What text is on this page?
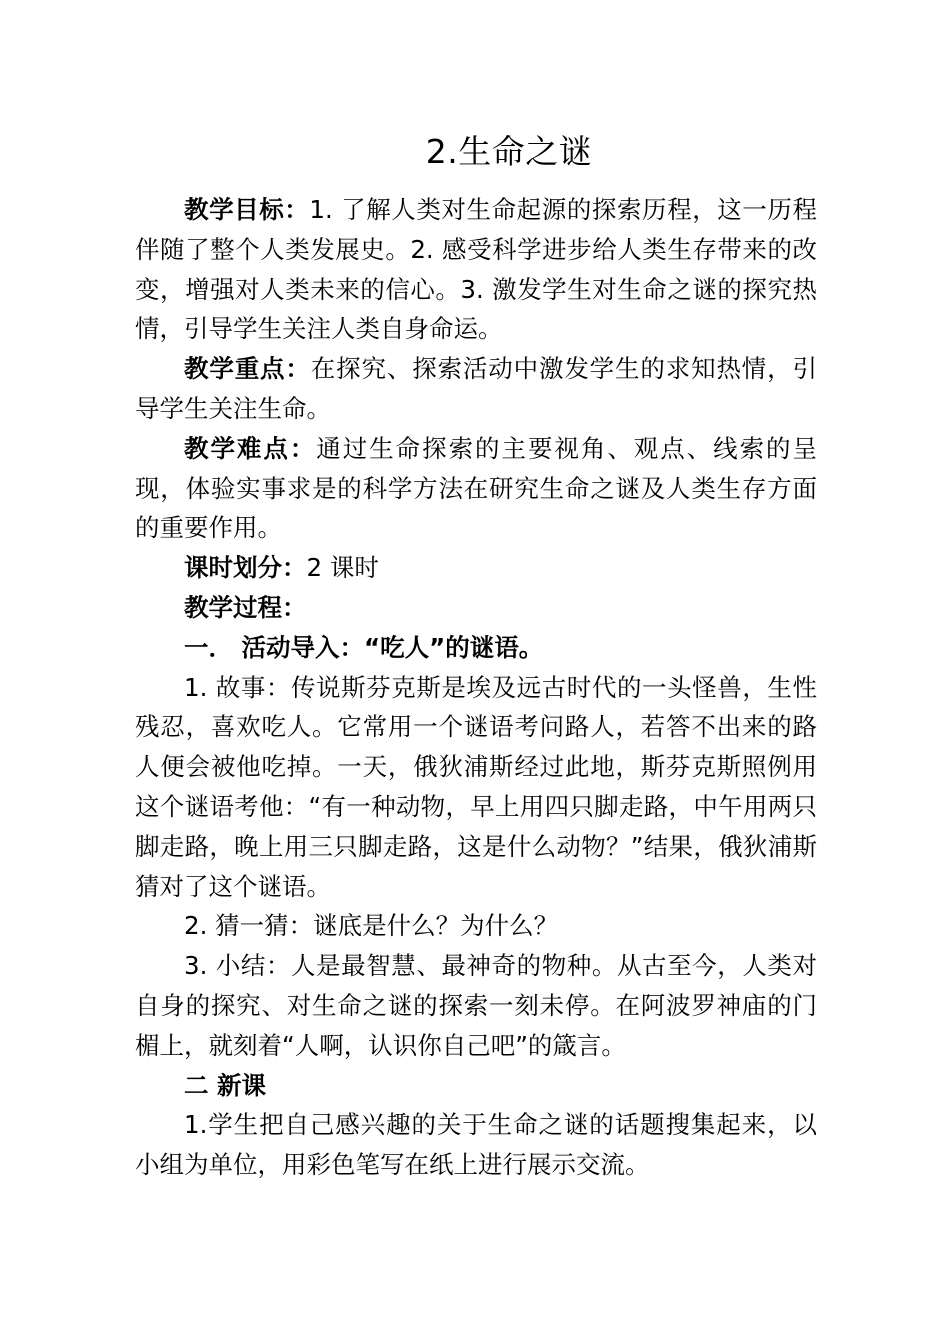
2.生命之谜

教学目标：1. 了解人类对生命起源的探索历程，这一历程伴随了整个人类发展史。2. 感受科学进步给人类生存带来的改变，增强对人类未来的信心。3. 激发学生对生命之谜的探究热情，引导学生关注人类自身命运。

教学重点：在探究、探索活动中激发学生的求知热情，引导学生关注生命。

教学难点：通过生命探索的主要视角、观点、线索的呈现，体验实事求是的科学方法在研究生命之谜及人类生存方面的重要作用。

课时划分：2 课时

教学过程：

一． 活动导入：“吃人”的谜语。

1. 故事：传说斯芬克斯是埃及远古时代的一头怪兽，生性残忍，喜欢吃人。它常用一个谜语考问路人，若答不出来的路人便会被他吃掉。一天，俄狄浦斯经过此地，斯芬克斯照例用这个谜语考他：“有一种动物，早上用四只脚走路，中午用两只脚走路，晚上用三只脚走路，这是什么动物？”结果，俄狄浦斯猜对了这个谜语。

2. 猜一猜：谜底是什么？为什么？

3. 小结：人是最智慧、最神奇的物种。从古至今，人类对自身的探究、对生命之谜的探索一刻未停。在阿波罗神庙的门楣上，就刻着“人啊，认识你自己吧”的箴言。

二 新课

1.学生把自己感兴趣的关于生命之谜的话题搜集起来，以小组为单位，用彩色笔写在纸上进行展示交流。
